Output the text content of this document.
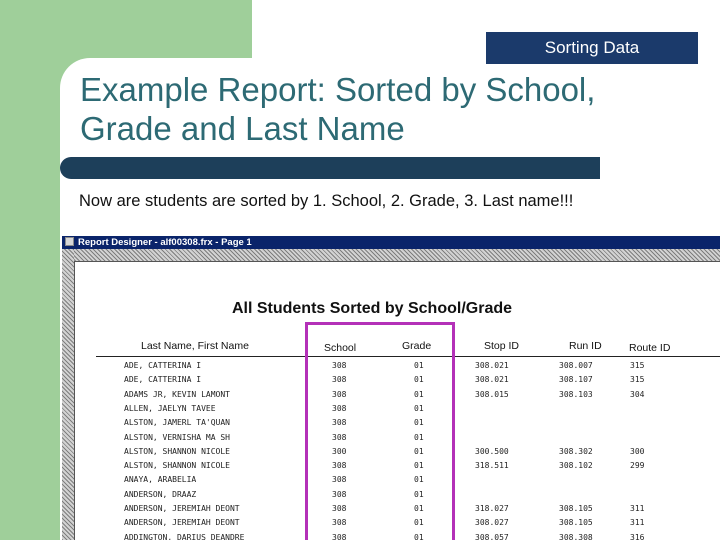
Sorting Data
Example Report: Sorted by School,
Grade and Last Name
Now are students are sorted by 1. School, 2. Grade, 3. Last name!!!
Report Designer - alf00308.frx - Page 1
All Students Sorted by School/Grade
Last Name, First Name	School	Grade	Stop ID	Run ID	Route ID
ADE, CATTERINA I	308	01	308.021	308.007	315
ADE, CATTERINA I	308	01	308.021	308.107	315
ADAMS JR, KEVIN LAMONT	308	01	308.015	308.103	304
ALLEN, JAELYN TAVEE	308	01
ALSTON, JAMERL TA'QUAN	308	01
ALSTON, VERNISHA MA SH	308	01
ALSTON, SHANNON NICOLE	300	01	300.500	308.302	300
ALSTON, SHANNON NICOLE	308	01	318.511	308.102	299
ANAYA, ARABELIA	308	01
ANDERSON, DRAAZ	308	01
ANDERSON, JEREMIAH DEONT	308	01	318.027	308.105	311
ANDERSON, JEREMIAH DEONT	308	01	308.027	308.105	311
ADDINGTON, DARIUS DEANDRE	308	01	308.057	308.308	316
